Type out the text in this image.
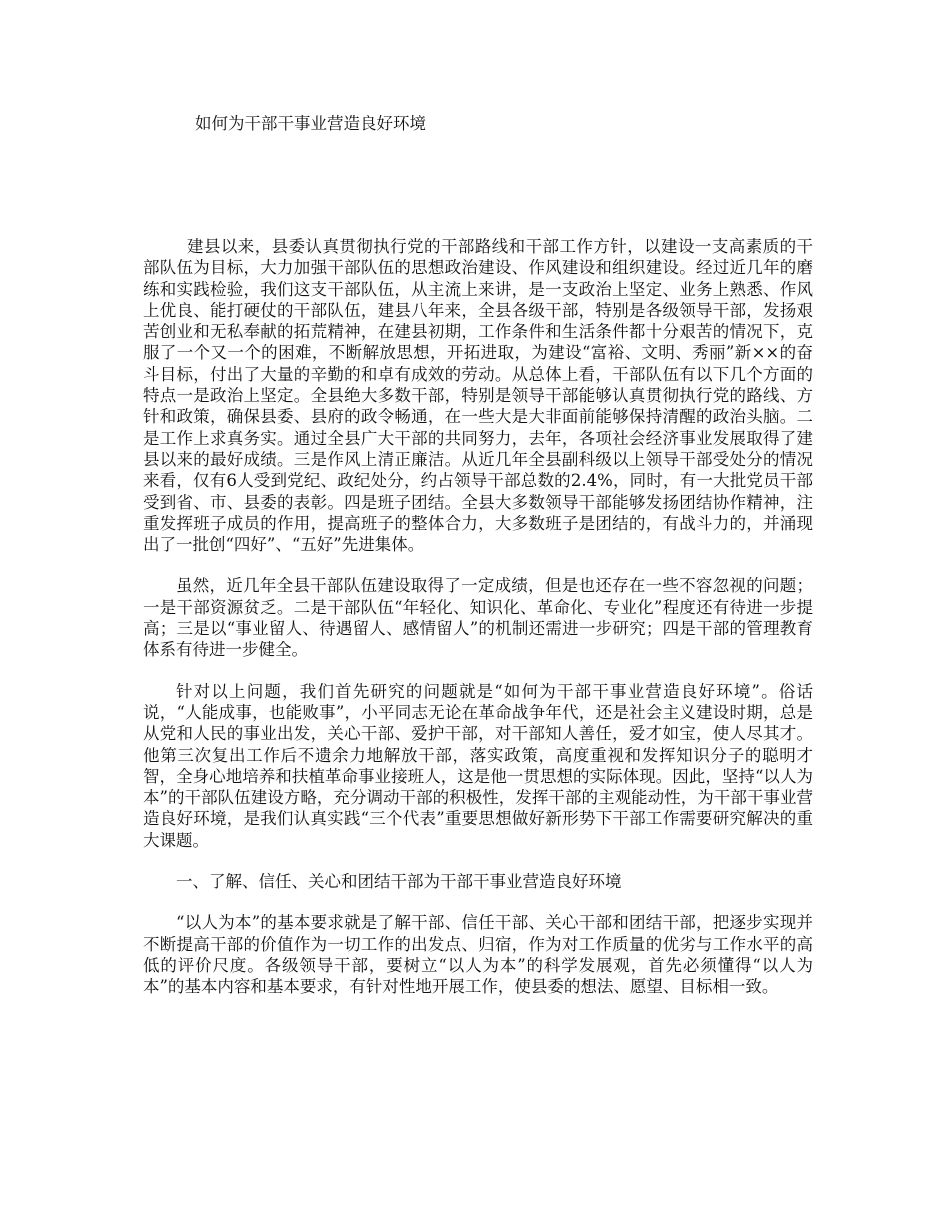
如何为干部干事业营造良好环境

建县以来，县委认真贯彻执行党的干部路线和干部工作方针，以建设一支高素质的干部队伍为目标，大力加强干部队伍的思想政治建设、作风建设和组织建设。经过近几年的磨练和实践检验，我们这支干部队伍，从主流上来讲，是一支政治上坚定、业务上熟悉、作风上优良、能打硬仗的干部队伍，建县八年来，全县各级干部，特别是各级领导干部，发扬艰苦创业和无私奉献的拓荒精神，在建县初期，工作条件和生活条件都十分艰苦的情况下，克服了一个又一个的困难，不断解放思想，开拓进取，为建设“富裕、文明、秀丽”新××的奋斗目标，付出了大量的辛勤的和卓有成效的劳动。从总体上看，干部队伍有以下几个方面的特点一是政治上坚定。全县绝大多数干部，特别是领导干部能够认真贯彻执行党的路线、方针和政策，确保县委、县府的政令畅通，在一些大是大非面前能够保持清醒的政治头脑。二是工作上求真务实。通过全县广大干部的共同努力，去年，各项社会经济事业发展取得了建县以来的最好成绩。三是作风上清正廉洁。从近几年全县副科级以上领导干部受处分的情况来看，仅有6人受到党纪、政纪处分，约占领导干部总数的2.4%，同时，有一大批党员干部受到省、市、县委的表彰。四是班子团结。全县大多数领导干部能够发扬团结协作精神，注重发挥班子成员的作用，提高班子的整体合力，大多数班子是团结的，有战斗力的，并涌现出了一批创“四好”、“五好”先进集体。

虽然，近几年全县干部队伍建设取得了一定成绩，但是也还存在一些不容忽视的问题；一是干部资源贫乏。二是干部队伍“年轻化、知识化、革命化、专业化”程度还有待进一步提高；三是以“事业留人、待遇留人、感情留人”的机制还需进一步研究；四是干部的管理教育体系有待进一步健全。

针对以上问题，我们首先研究的问题就是“如何为干部干事业营造良好环境”。俗话说，“人能成事，也能败事”，小平同志无论在革命战争年代，还是社会主义建设时期，总是从党和人民的事业出发，关心干部、爱护干部，对干部知人善任，爱才如宝，使人尽其才。他第三次复出工作后不遗余力地解放干部，落实政策，高度重视和发挥知识分子的聪明才智，全身心地培养和扶植革命事业接班人，这是他一贯思想的实际体现。因此，坚持“以人为本”的干部队伍建设方略，充分调动干部的积极性，发挥干部的主观能动性，为干部干事业营造良好环境，是我们认真实践“三个代表”重要思想做好新形势下干部工作需要研究解决的重大课题。

一、了解、信任、关心和团结干部为干部干事业营造良好环境

“以人为本”的基本要求就是了解干部、信任干部、关心干部和团结干部，把逐步实现并不断提高干部的价值作为一切工作的出发点、归宿，作为对工作质量的优劣与工作水平的高低的评价尺度。各级领导干部，要树立“以人为本”的科学发展观，首先必须懂得“以人为本”的基本内容和基本要求，有针对性地开展工作，使县委的想法、愿望、目标相一致。
